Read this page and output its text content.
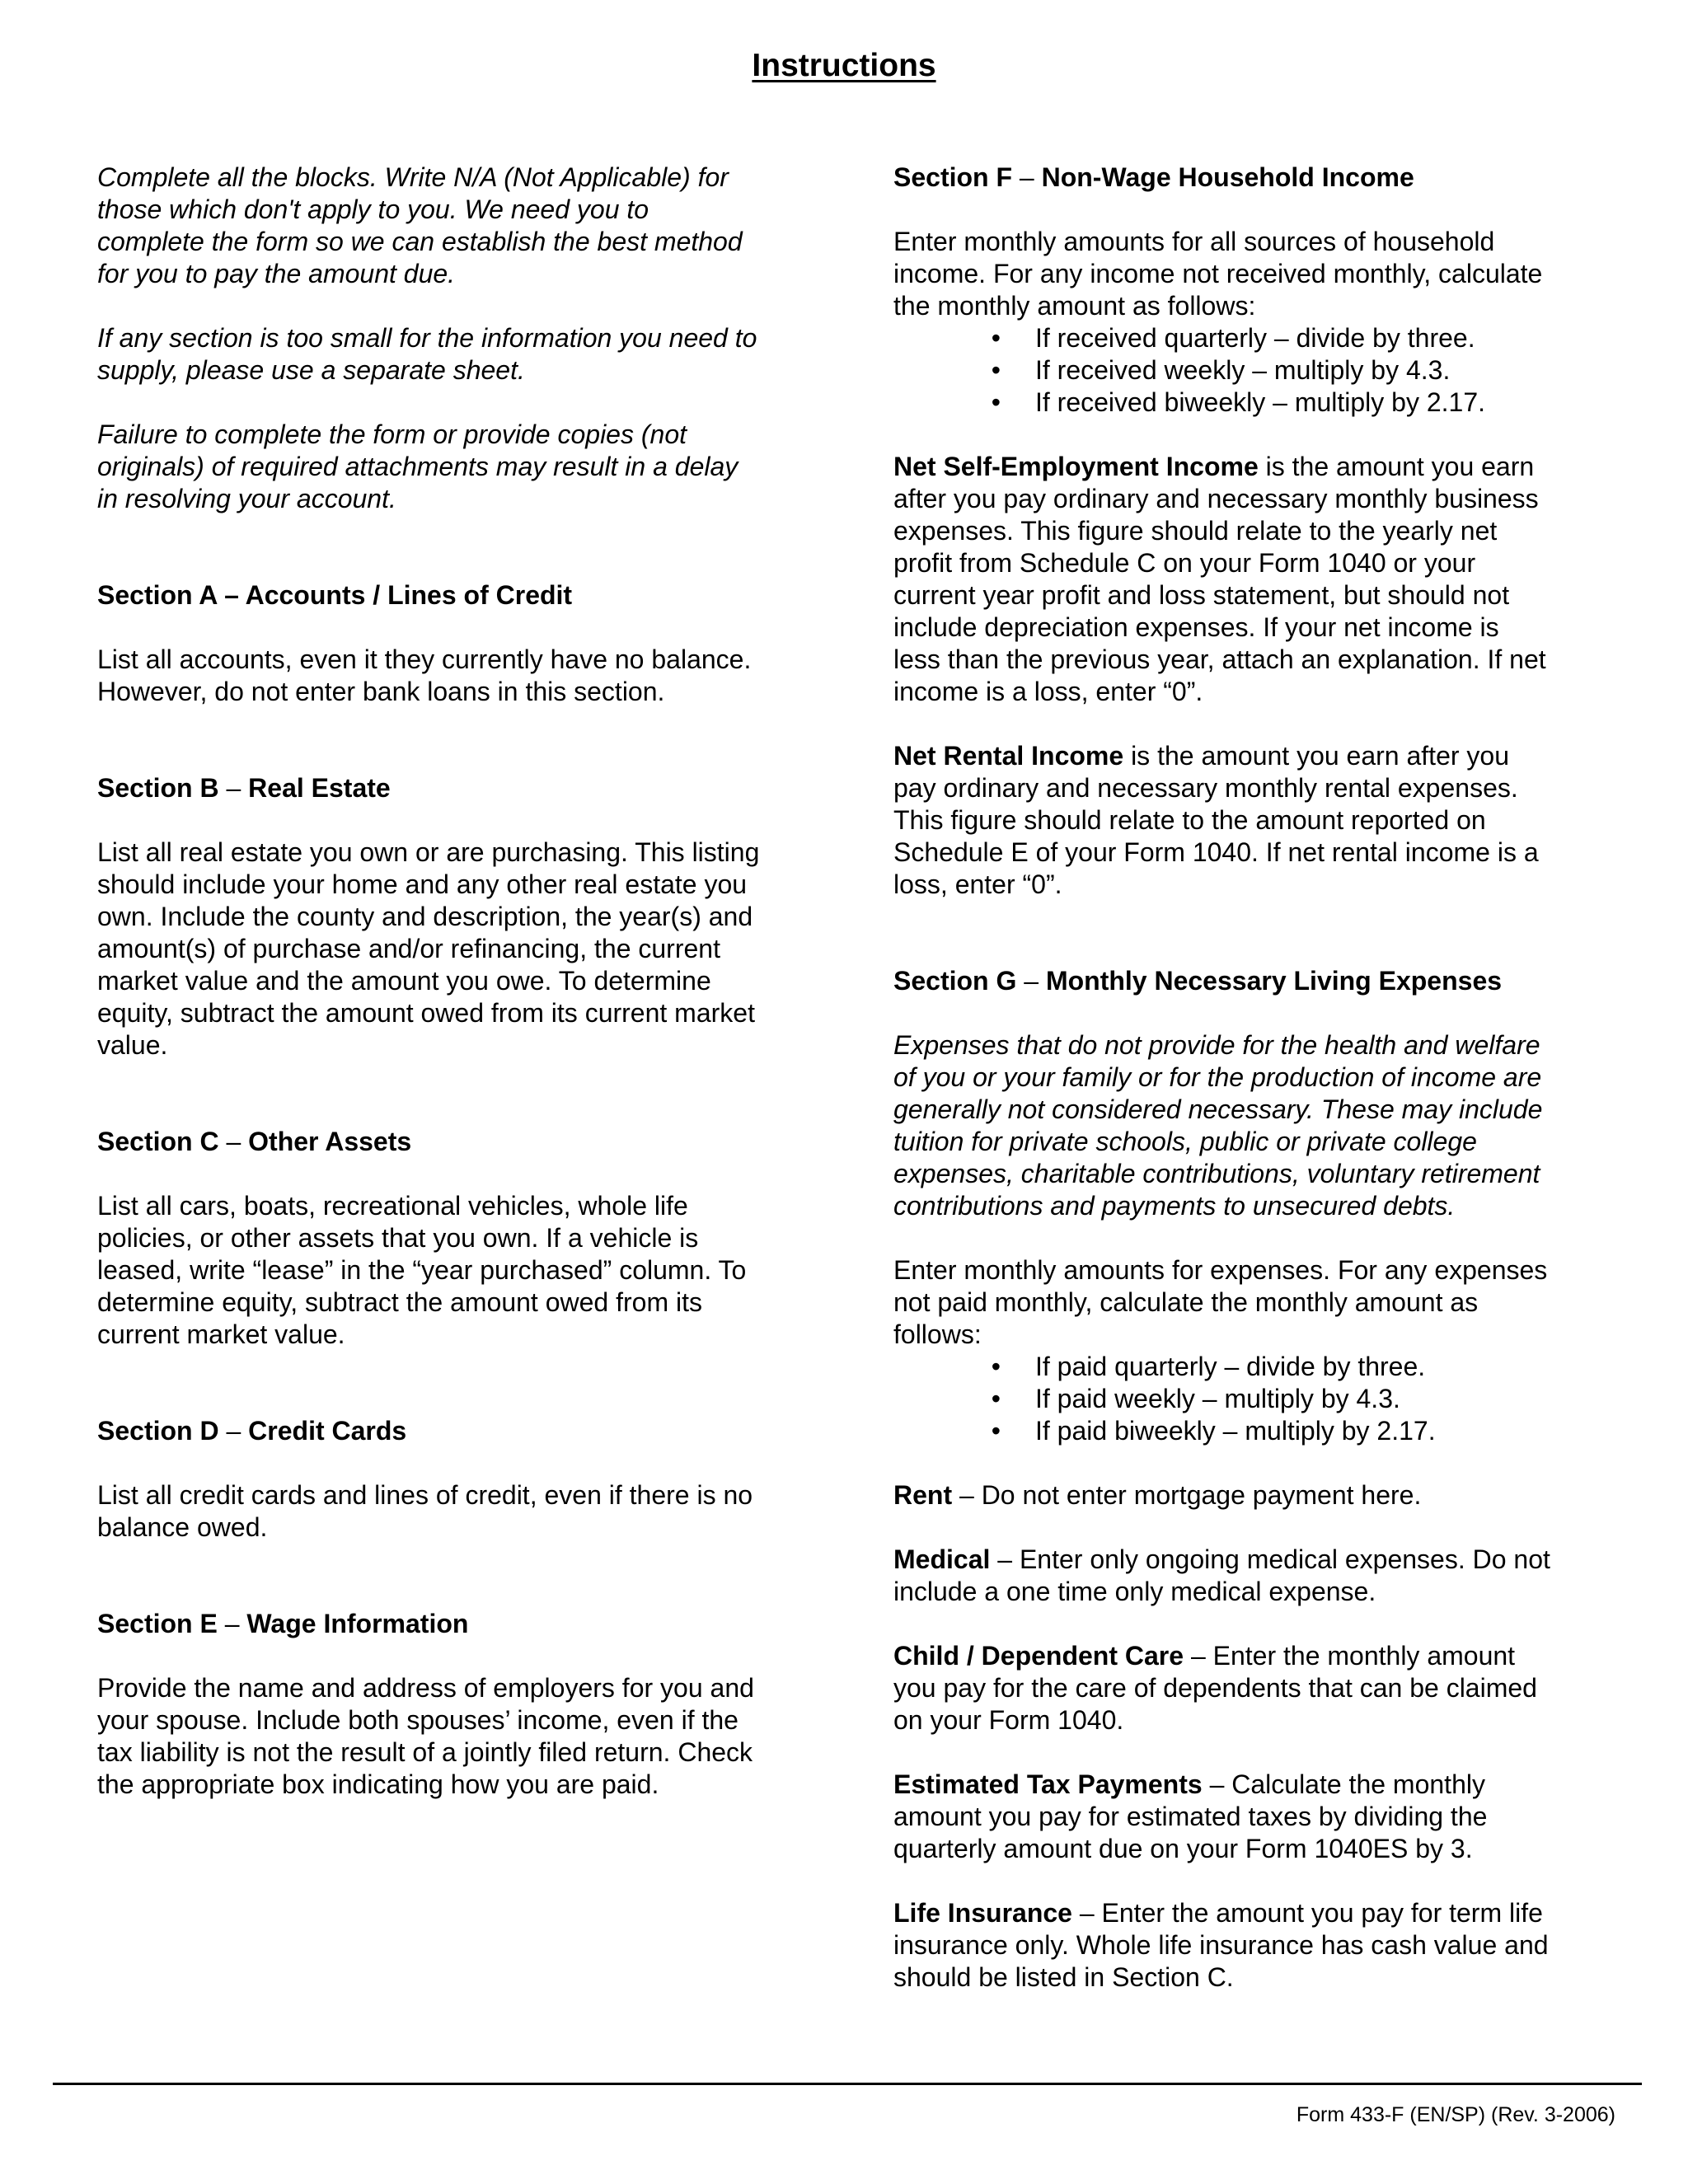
Instructions
Complete all the blocks. Write N/A (Not Applicable) for
those which don't apply to you. We need you to
complete the form so we can establish the best method
for you to pay the amount due.
If any section is too small for the information you need to
supply, please use a separate sheet.
Failure to complete the form or provide copies (not
originals) of required attachments may result in a delay
in resolving your account.
Section A – Accounts / Lines of Credit
List all accounts, even it they currently have no balance.
However, do not enter bank loans in this section.
Section B – Real Estate
List all real estate you own or are purchasing. This listing
should include your home and any other real estate you
own. Include the county and description, the year(s) and
amount(s) of purchase and/or refinancing, the current
market value and the amount you owe. To determine
equity, subtract the amount owed from its current market
value.
Section C – Other Assets
List all cars, boats, recreational vehicles, whole life
policies, or other assets that you own. If a vehicle is
leased, write “lease” in the “year purchased” column. To
determine equity, subtract the amount owed from its
current market value.
Section D – Credit Cards
List all credit cards and lines of credit, even if there is no
balance owed.
Section E – Wage Information
Provide the name and address of employers for you and
your spouse. Include both spouses’ income, even if the
tax liability is not the result of a jointly filed return. Check
the appropriate box indicating how you are paid.
Section F – Non-Wage Household Income
Enter monthly amounts for all sources of household
income. For any income not received monthly, calculate
the monthly amount as follows:
• If received quarterly – divide by three.
• If received weekly – multiply by 4.3.
• If received biweekly – multiply by 2.17.
Net Self-Employment Income is the amount you earn
after you pay ordinary and necessary monthly business
expenses. This figure should relate to the yearly net
profit from Schedule C on your Form 1040 or your
current year profit and loss statement, but should not
include depreciation expenses. If your net income is
less than the previous year, attach an explanation. If net
income is a loss, enter “0”.
Net Rental Income is the amount you earn after you
pay ordinary and necessary monthly rental expenses.
This figure should relate to the amount reported on
Schedule E of your Form 1040. If net rental income is a
loss, enter “0”.
Section G – Monthly Necessary Living Expenses
Expenses that do not provide for the health and welfare
of you or your family or for the production of income are
generally not considered necessary. These may include
tuition for private schools, public or private college
expenses, charitable contributions, voluntary retirement
contributions and payments to unsecured debts.
Enter monthly amounts for expenses. For any expenses
not paid monthly, calculate the monthly amount as
follows:
• If paid quarterly – divide by three.
• If paid weekly – multiply by 4.3.
• If paid biweekly – multiply by 2.17.
Rent – Do not enter mortgage payment here.
Medical – Enter only ongoing medical expenses. Do not
include a one time only medical expense.
Child / Dependent Care – Enter the monthly amount
you pay for the care of dependents that can be claimed
on your Form 1040.
Estimated Tax Payments – Calculate the monthly
amount you pay for estimated taxes by dividing the
quarterly amount due on your Form 1040ES by 3.
Life Insurance – Enter the amount you pay for term life
insurance only. Whole life insurance has cash value and
should be listed in Section C.
Form 433-F (EN/SP) (Rev. 3-2006)
